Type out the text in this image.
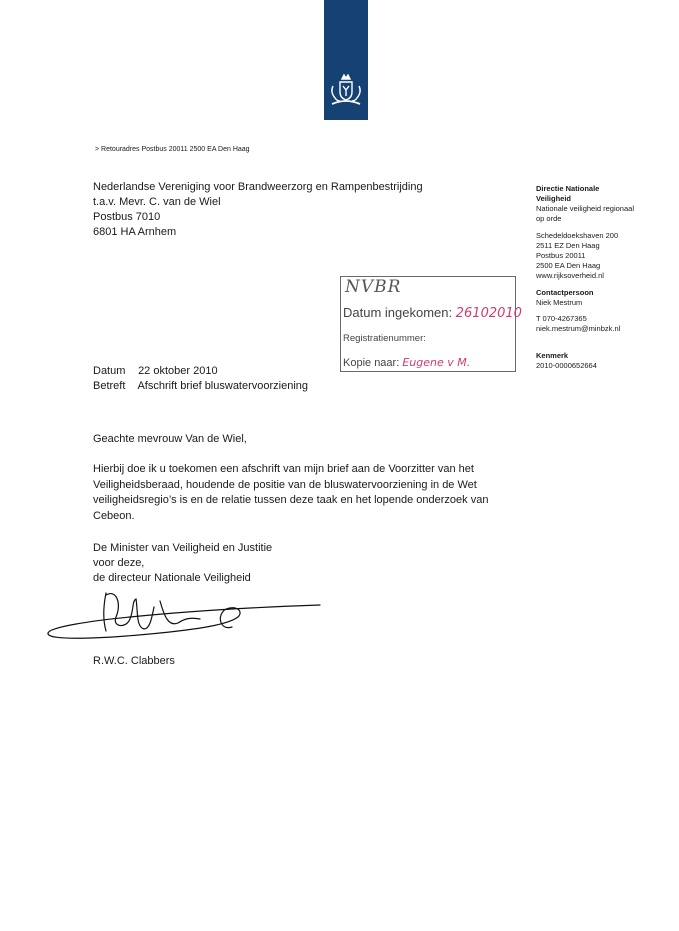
> Retouradres Postbus 20011 2500 EA Den Haag
Nederlandse Vereniging voor Brandweerzorg en Rampenbestrijding
t.a.v. Mevr. C. van de Wiel
Postbus 7010
6801 HA Arnhem
Directie Nationale
Veiligheid
Nationale veiligheid regionaal
op orde
Schedeldoekshaven 200
2511 EZ Den Haag
Postbus 20011
2500 EA Den Haag
www.rijksoverheid.nl
Contactpersoon
Niek Mestrum
T 070-4267365
niek.mestrum@minbzk.nl
Kenmerk
2010-0000652664
NVBR
Datum ingekomen: 26102010
Registratienummer:
Kopie naar: Eugene v M.
Datum 22 oktober 2010
Betreft Afschrift brief bluswatervoorziening
Geachte mevrouw Van de Wiel,
Hierbij doe ik u toekomen een afschrift van mijn brief aan de Voorzitter van het Veiligheidsberaad, houdende de positie van de bluswatervoorziening in de Wet veiligheidsregio’s is en de relatie tussen deze taak en het lopende onderzoek van Cebeon.
De Minister van Veiligheid en Justitie
voor deze,
de directeur Nationale Veiligheid
R.W.C. Clabbers
